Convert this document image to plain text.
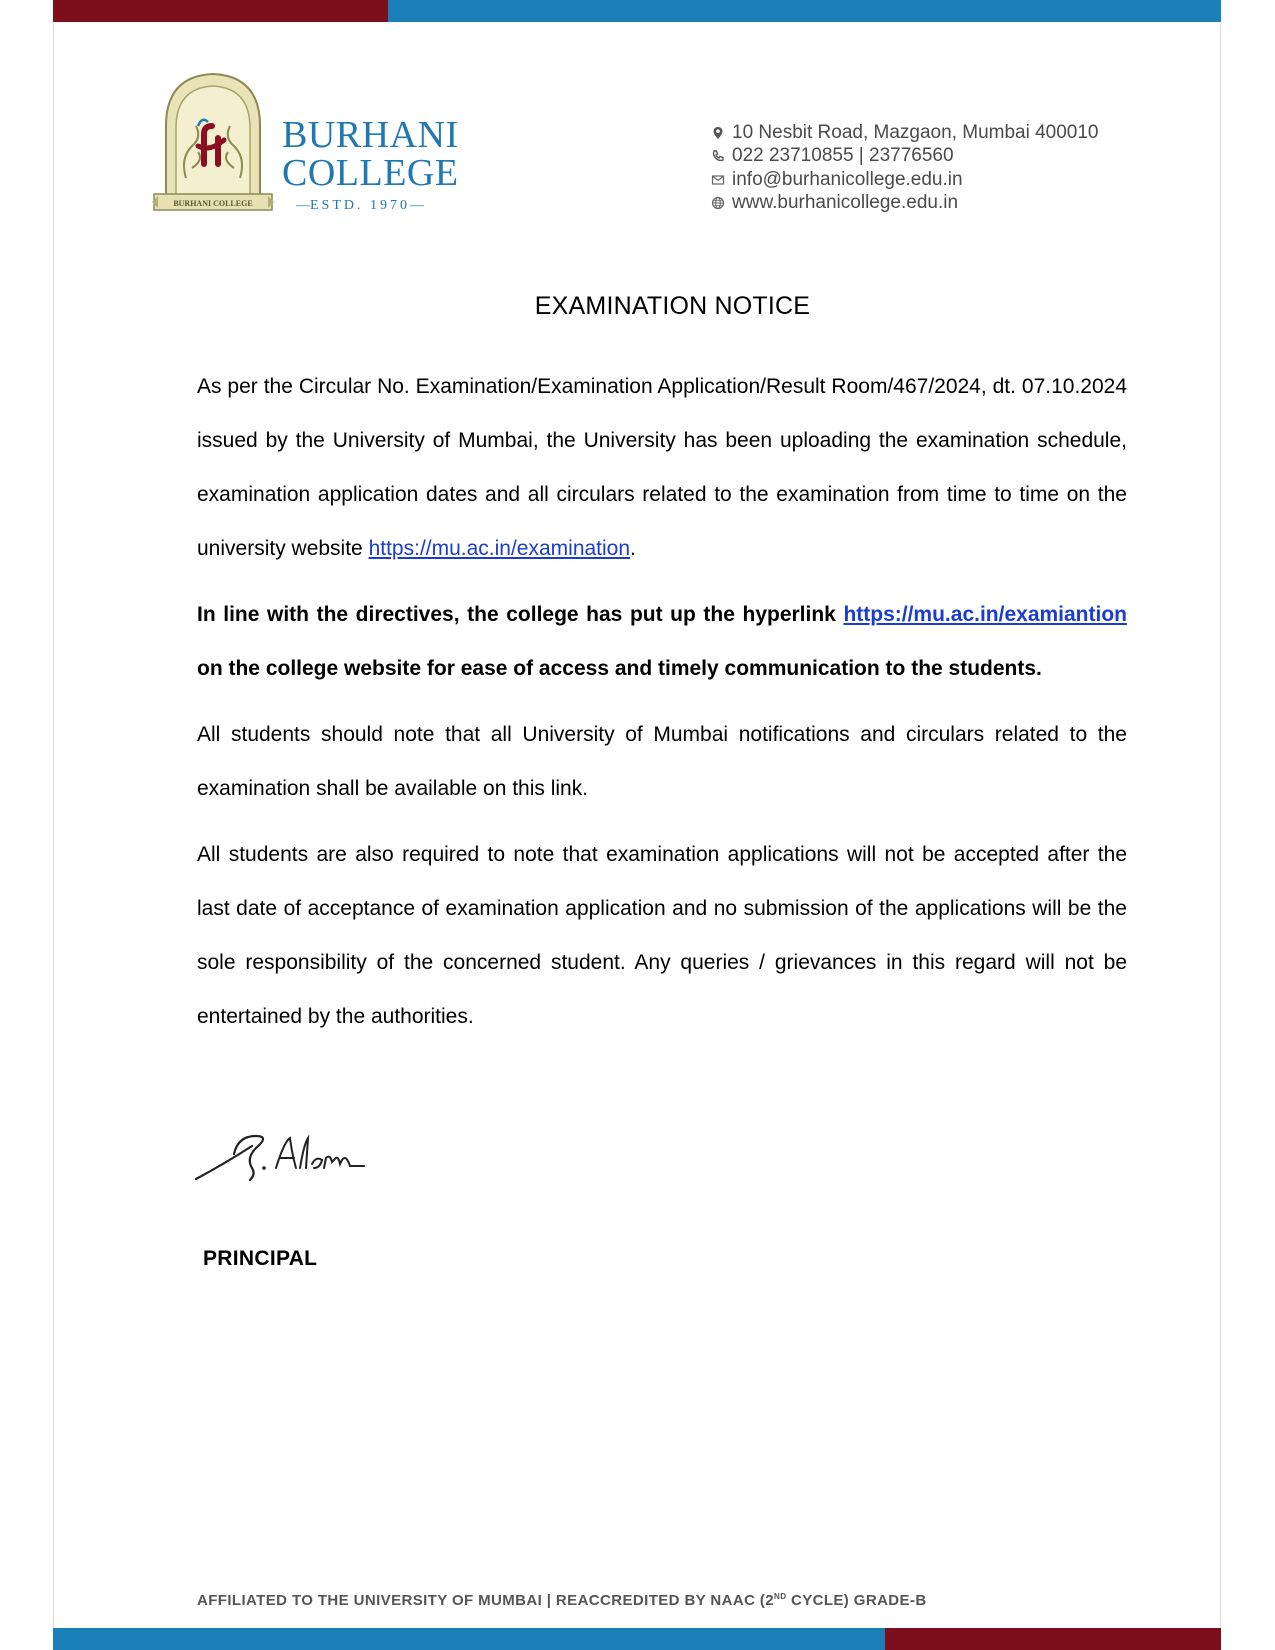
BURHANI COLLEGE
BURHANI
COLLEGE
— ESTD. 1970 —
10 Nesbit Road, Mazgaon, Mumbai 400010
022 23710855 | 23776560
info@burhanicollege.edu.in
www.burhanicollege.edu.in
EXAMINATION NOTICE

As per the Circular No. Examination/Examination Application/Result Room/467/2024, dt. 07.10.2024 issued by the University of Mumbai, the University has been uploading the examination schedule, examination application dates and all circulars related to the examination from time to time on the university website https://mu.ac.in/examination.

In line with the directives, the college has put up the hyperlink https://mu.ac.in/examiantion on the college website for ease of access and timely communication to the students.

All students should note that all University of Mumbai notifications and circulars related to the examination shall be available on this link.

All students are also required to note that examination applications will not be accepted after the last date of acceptance of examination application and no submission of the applications will be the sole responsibility of the concerned student. Any queries / grievances in this regard will not be entertained by the authorities.

G. Alam
PRINCIPAL
AFFILIATED TO THE UNIVERSITY OF MUMBAI | REACCREDITED BY NAAC (2ND CYCLE) GRADE-B
